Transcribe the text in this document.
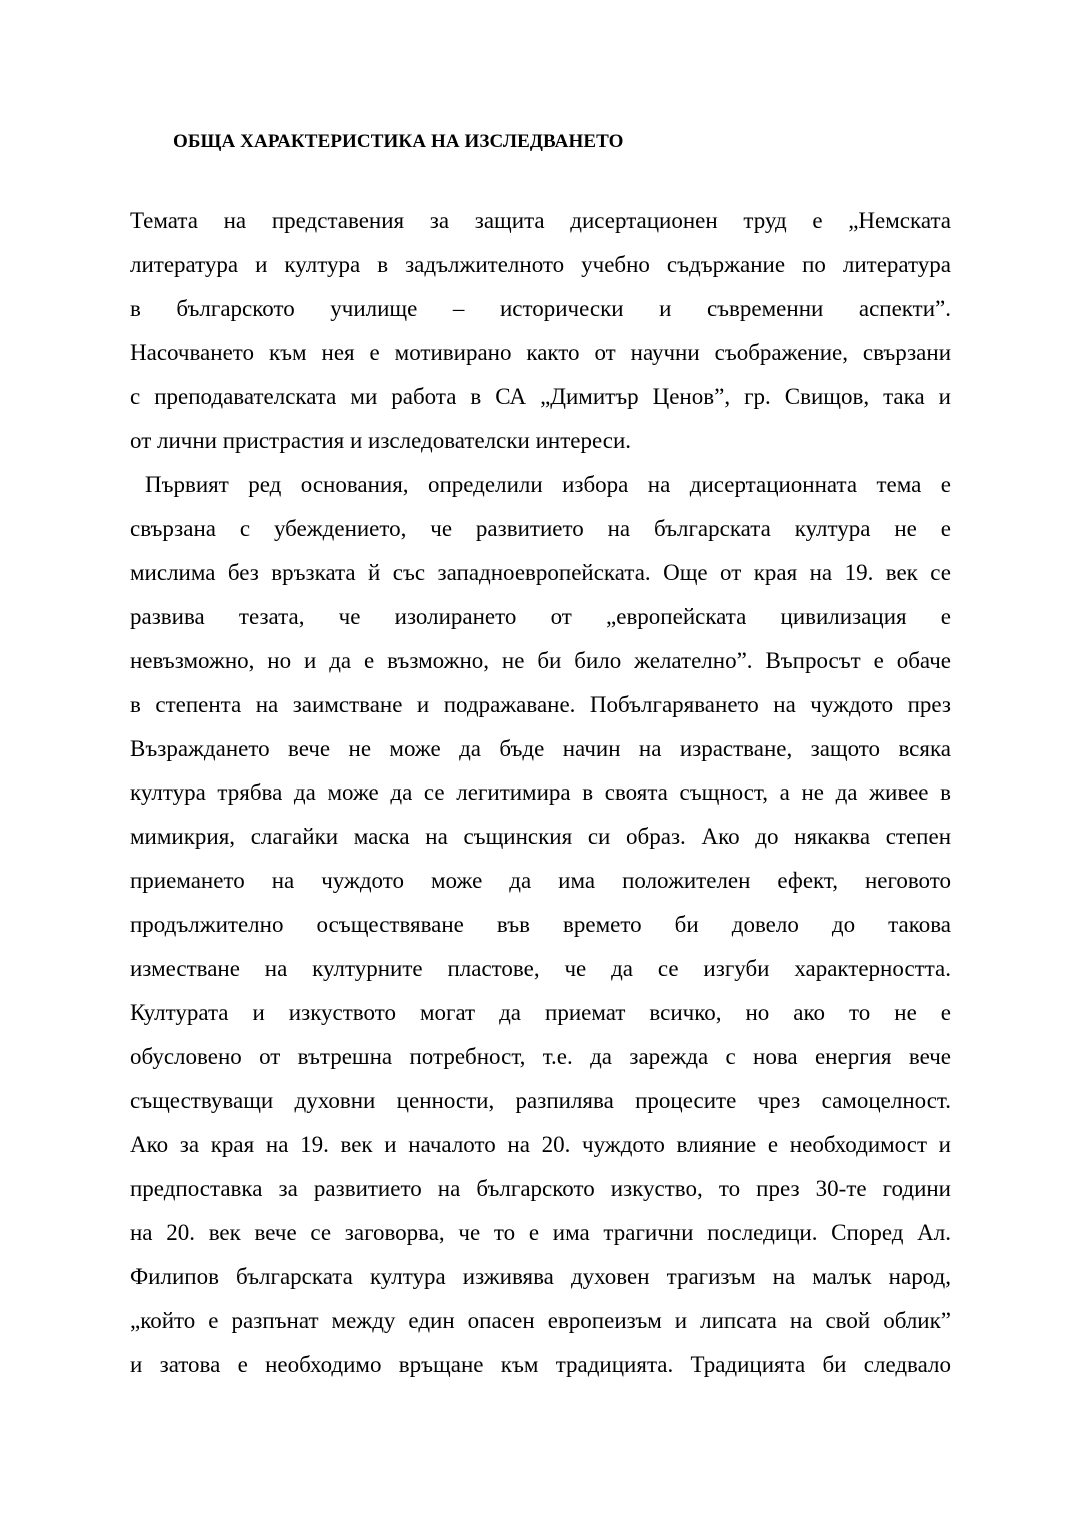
ОБЩА ХАРАКТЕРИСТИКА НА ИЗСЛЕДВАНЕТО
Темата на представения за защита дисертационен труд е „Немската
литература и култура в задължителното учебно съдържание по литература
в българското училище – исторически и съвременни аспекти”.
Насочването към нея е мотивирано както от научни съображение, свързани
с преподавателската ми работа в СА „Димитър Ценов”, гр. Свищов, така и
от лични пристрастия и изследователски интереси.
Първият ред основания, определили избора на дисертационната тема е
свързана с убеждението, че развитието на българската култура не е
мислима без връзката й със западноевропейската. Още от края на 19. век се
развива тезата, че изолирането от „европейската цивилизация е
невъзможно, но и да е възможно, не би било желателно”. Въпросът е обаче
в степента на заимстване и подражаване. Побългаряването на чуждото през
Възраждането вече не може да бъде начин на израстване, защото всяка
култура трябва да може да се легитимира в своята същност, а не да живее в
мимикрия, слагайки маска на същинския си образ. Ако до някаква степен
приемането на чуждото може да има положителен ефект, неговото
продължително осъществяване във времето би довело до такова
изместване на културните пластове, че да се изгуби характерността.
Културата и изкуството могат да приемат всичко, но ако то не е
обусловено от вътрешна потребност, т.е. да зарежда с нова енергия вече
съществуващи духовни ценности, разпилява процесите чрез самоцелност.
Ако за края на 19. век и началото на 20. чуждото влияние е необходимост и
предпоставка за развитието на българското изкуство, то през 30-те години
на 20. век вече се заговорва, че то е има трагични последици. Според Ал.
Филипов българската култура изживява духовен трагизъм на малък народ,
„който е разпънат между един опасен европеизъм и липсата на свой облик”
и затова е необходимо връщане към традицията. Традицията би следвало
